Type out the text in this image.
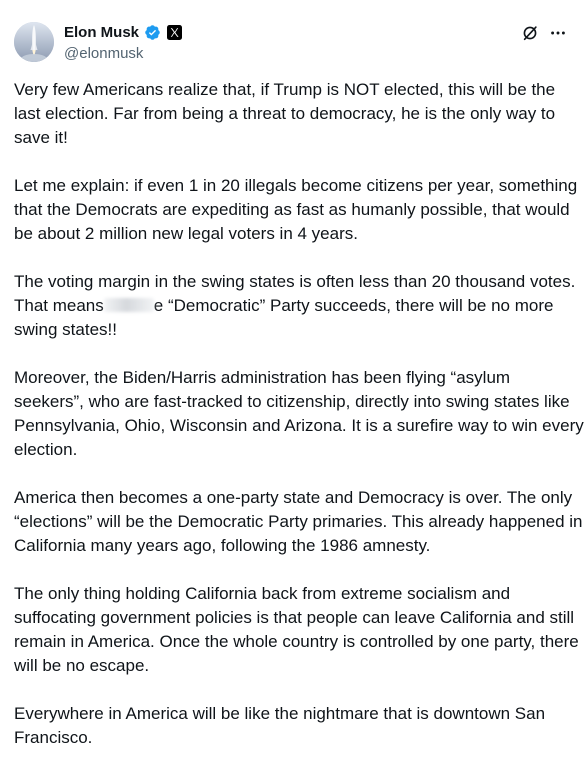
Elon Musk
@elonmusk

Very few Americans realize that, if Trump is NOT elected, this will be the last election. Far from being a threat to democracy, he is the only way to save it!

Let me explain: if even 1 in 20 illegals become citizens per year, something that the Democrats are expediting as fast as humanly possible, that would be about 2 million new legal voters in 4 years.

The voting margin in the swing states is often less than 20 thousand votes. That means	e “Democratic” Party succeeds, there will be no more swing states!!

Moreover, the Biden/Harris administration has been flying “asylum seekers”, who are fast-tracked to citizenship, directly into swing states like Pennsylvania, Ohio, Wisconsin and Arizona. It is a surefire way to win every election.

America then becomes a one-party state and Democracy is over. The only “elections” will be the Democratic Party primaries. This already happened in California many years ago, following the 1986 amnesty.

The only thing holding California back from extreme socialism and suffocating government policies is that people can leave California and still remain in America. Once the whole country is controlled by one party, there will be no escape.

Everywhere in America will be like the nightmare that is downtown San Francisco.
